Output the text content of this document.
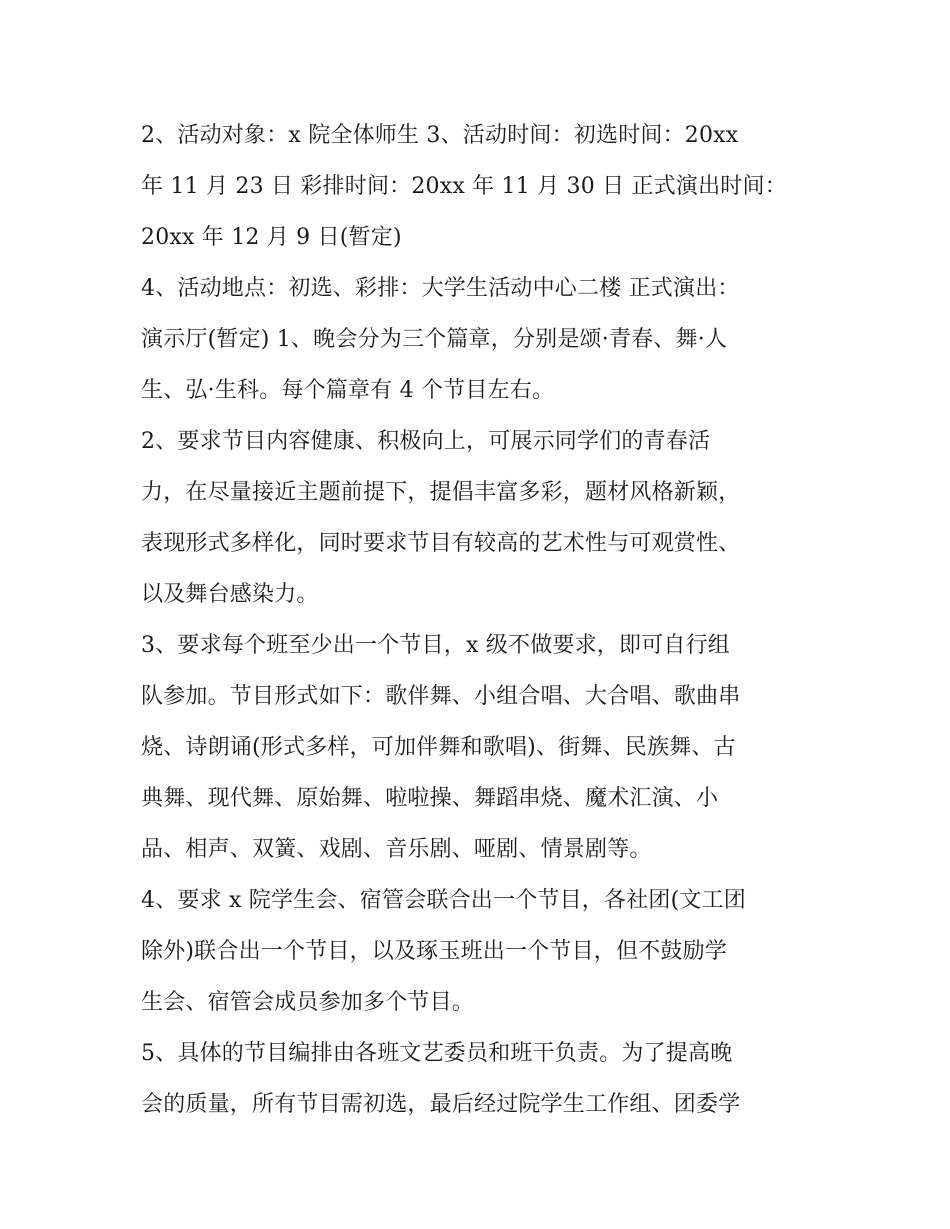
2、活动对象：x 院全体师生 3、活动时间：初选时间：20xx
年 11 月 23 日 彩排时间：20xx 年 11 月 30 日 正式演出时间：
20xx 年 12 月 9 日(暂定)
4、活动地点：初选、彩排：大学生活动中心二楼 正式演出：
演示厅(暂定) 1、晚会分为三个篇章，分别是颂·青春、舞·人
生、弘·生科。每个篇章有 4 个节目左右。
2、要求节目内容健康、积极向上，可展示同学们的青春活
力，在尽量接近主题前提下，提倡丰富多彩，题材风格新颖，
表现形式多样化，同时要求节目有较高的艺术性与可观赏性、
以及舞台感染力。
3、要求每个班至少出一个节目，x 级不做要求，即可自行组
队参加。节目形式如下：歌伴舞、小组合唱、大合唱、歌曲串
烧、诗朗诵(形式多样，可加伴舞和歌唱)、街舞、民族舞、古
典舞、现代舞、原始舞、啦啦操、舞蹈串烧、魔术汇演、小
品、相声、双簧、戏剧、音乐剧、哑剧、情景剧等。
4、要求 x 院学生会、宿管会联合出一个节目，各社团(文工团
除外)联合出一个节目，以及琢玉班出一个节目，但不鼓励学
生会、宿管会成员参加多个节目。
5、具体的节目编排由各班文艺委员和班干负责。为了提高晚
会的质量，所有节目需初选，最后经过院学生工作组、团委学
